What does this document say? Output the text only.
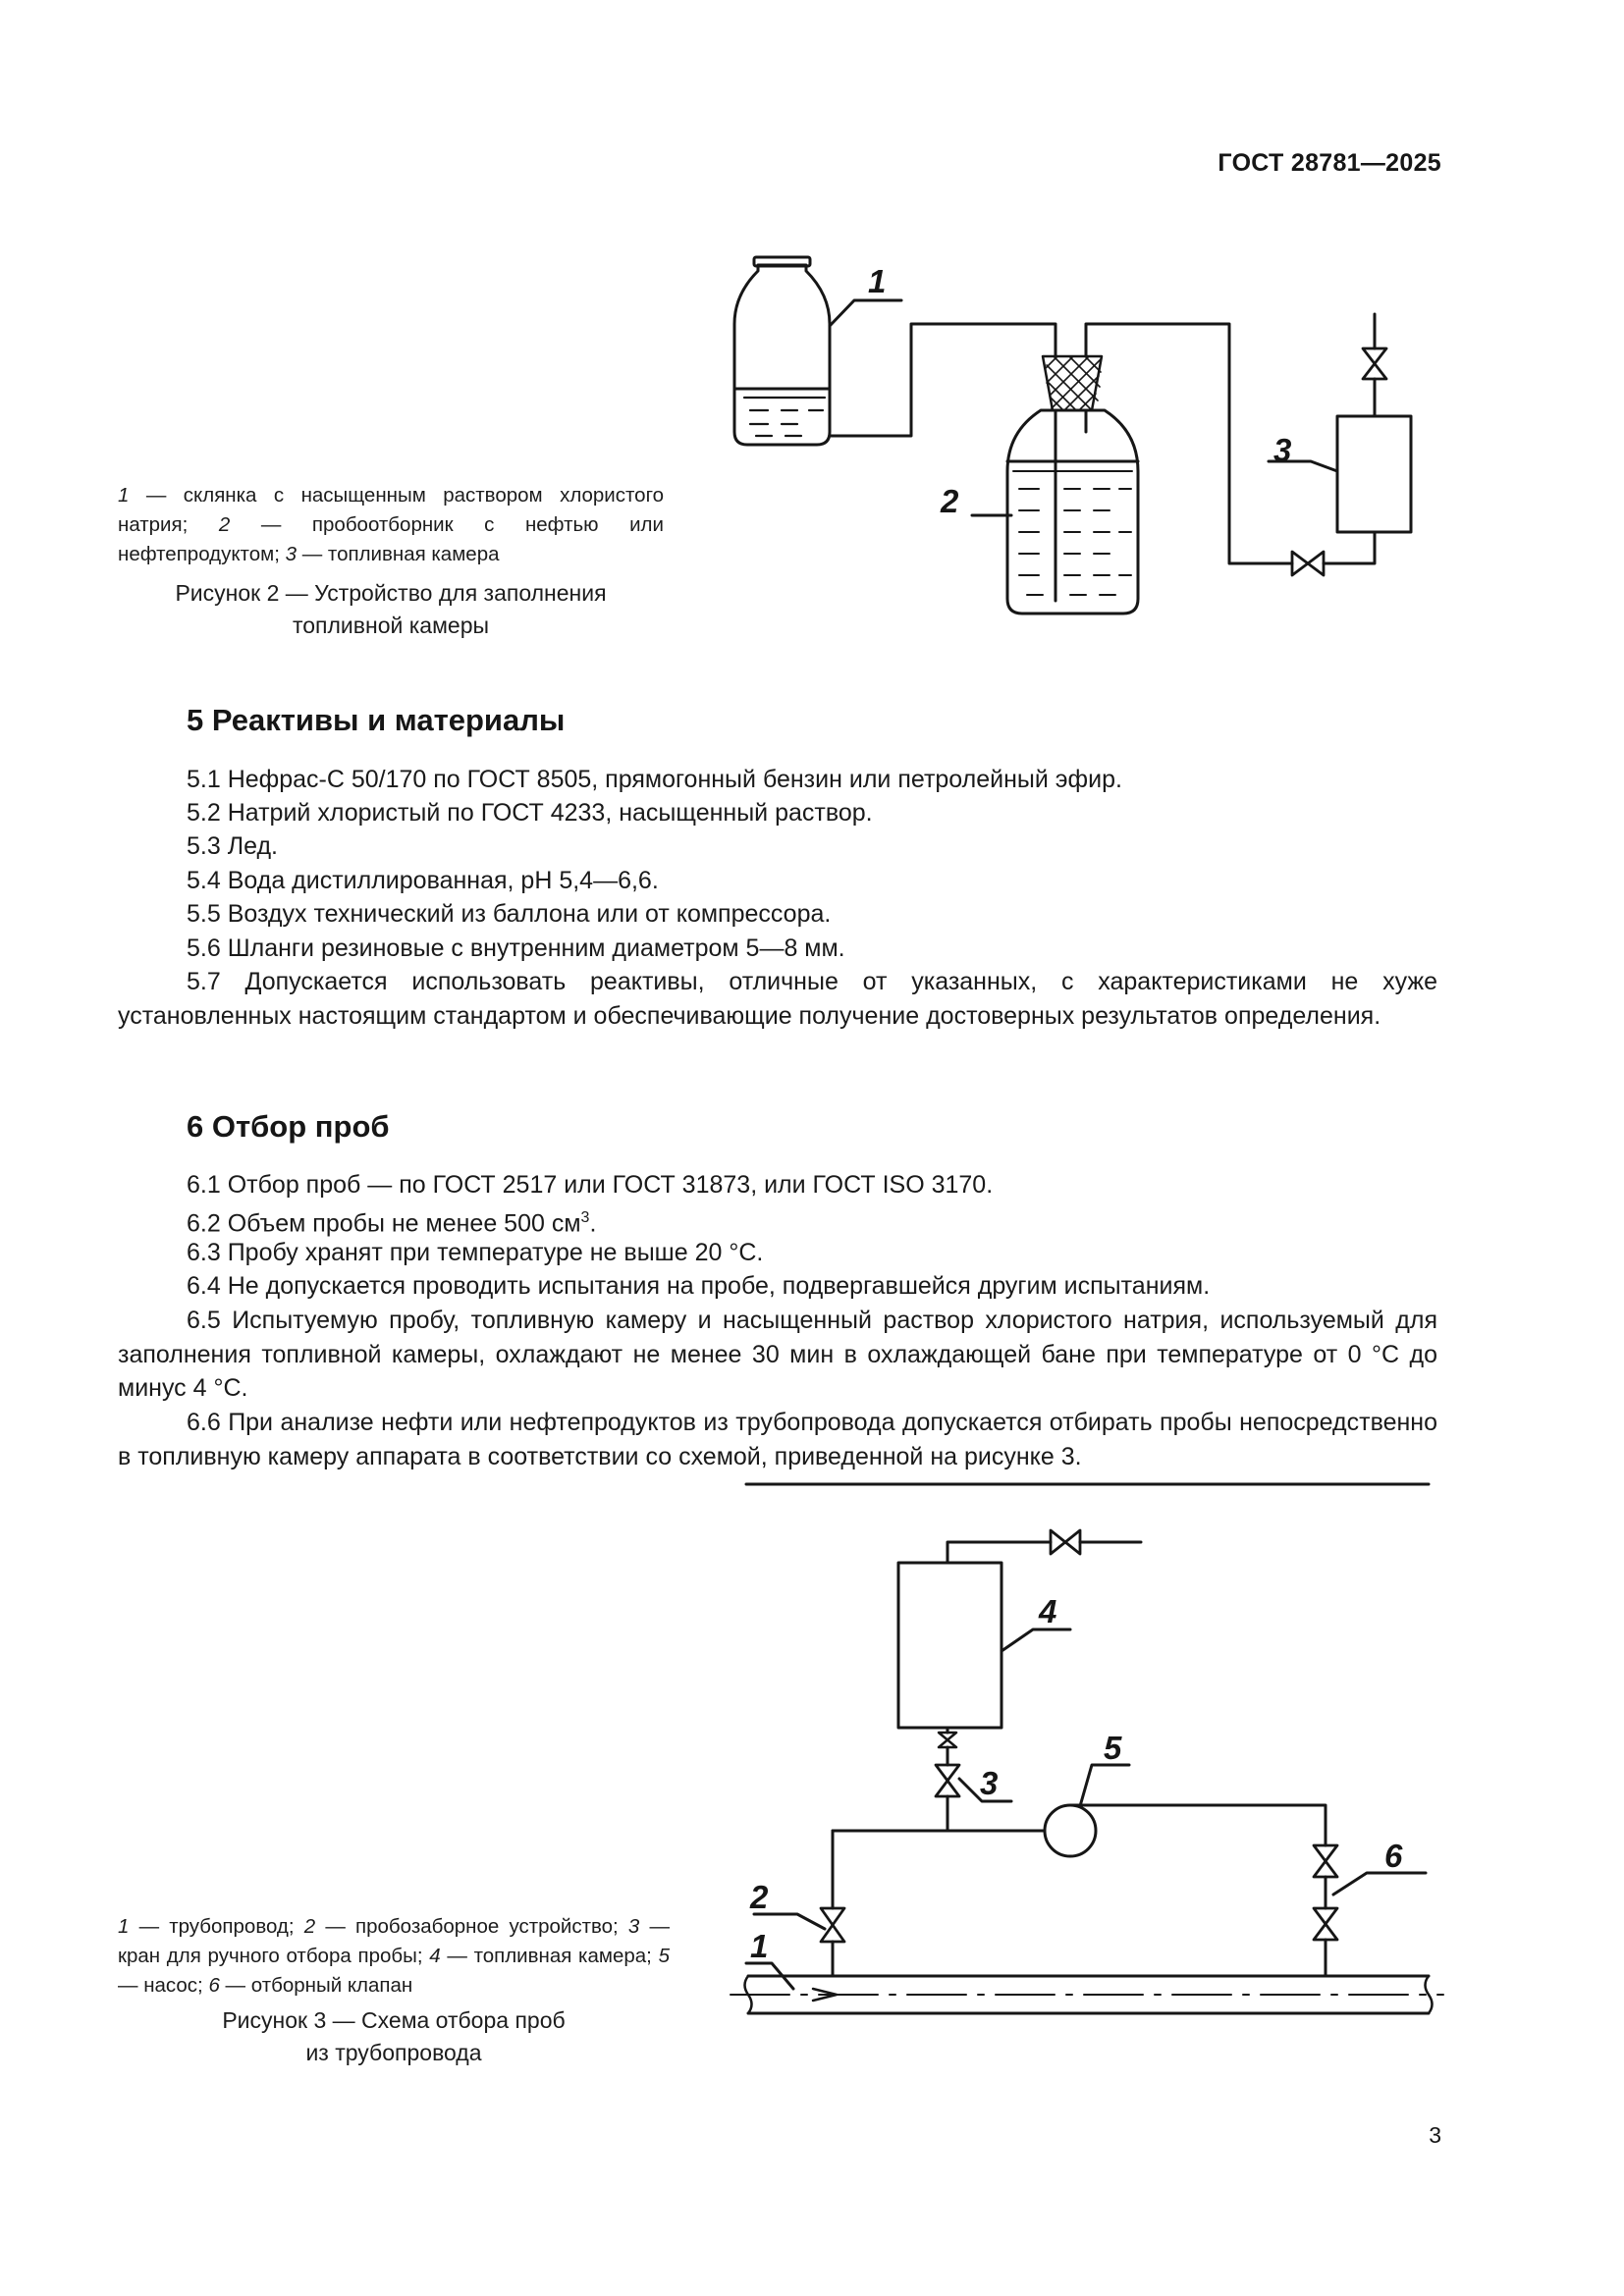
ГОСТ 28781—2025
1
2
3
1 — склянка с насыщенным раствором хлористого натрия; 2 — пробоотборник с нефтью или нефтепродуктом; 3 — топливная камера
Рисунок 2 — Устройство для заполнения
топливной камеры
5 Реактивы и материалы
5.1 Нефрас-С 50/170 по ГОСТ 8505, прямогонный бензин или петролейный эфир.
5.2 Натрий хлористый по ГОСТ 4233, насыщенный раствор.
5.3 Лед.
5.4 Вода дистиллированная, рН 5,4—6,6.
5.5 Воздух технический из баллона или от компрессора.
5.6 Шланги резиновые с внутренним диаметром 5—8 мм.
5.7 Допускается использовать реактивы, отличные от указанных, с характеристиками не хуже установленных настоящим стандартом и обеспечивающие получение достоверных результатов определения.
6 Отбор проб
6.1 Отбор проб — по ГОСТ 2517 или ГОСТ 31873, или ГОСТ ISO 3170.
6.2 Объем пробы не менее 500 $см^3$.
6.3 Пробу хранят при температуре не выше 20 °С.
6.4 Не допускается проводить испытания на пробе, подвергавшейся другим испытаниям.
6.5 Испытуемую пробу, топливную камеру и насыщенный раствор хлористого натрия, используемый для заполнения топливной камеры, охлаждают не менее 30 мин в охлаждающей бане при температуре от 0 °С до минус 4 °С.
6.6 При анализе нефти или нефтепродуктов из трубопровода допускается отбирать пробы непосредственно в топливную камеру аппарата в соответствии со схемой, приведенной на рисунке 3.
4
3
5
6
2
1
1 — трубопровод; 2 — пробозаборное устройство; 3 — кран для ручного отбора пробы; 4 — топливная камера; 5 — насос; 6 — отборный клапан
Рисунок 3 — Схема отбора проб
из трубопровода
3
